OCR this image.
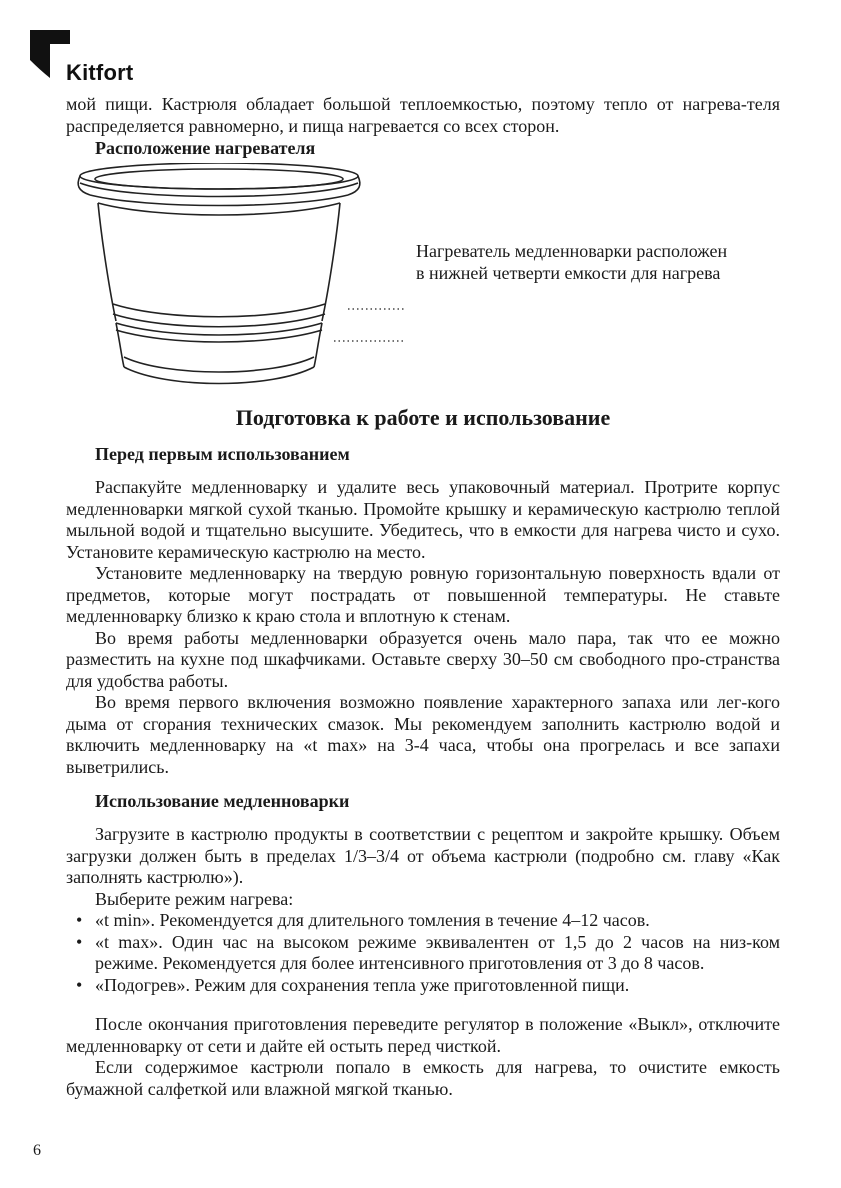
Kitfort

мой пищи. Кастрюля обладает большой теплоемкостью, поэтому тепло от нагрева-теля распределяется равномерно, и пища нагревается со всех сторон.

Расположение нагревателя
Нагреватель медленноварки расположен
в нижней четверти емкости для нагрева
Подготовка к работе и использование
Перед первым использованием

Распакуйте медленноварку и удалите весь упаковочный материал. Протрите корпус медленноварки мягкой сухой тканью. Промойте крышку и керамическую кастрюлю теплой мыльной водой и тщательно высушите. Убедитесь, что в емкости для нагрева чисто и сухо. Установите керамическую кастрюлю на место.

Установите медленноварку на твердую ровную горизонтальную поверхность вдали от предметов, которые могут пострадать от повышенной температуры. Не ставьте медленноварку близко к краю стола и вплотную к стенам.

Во время работы медленноварки образуется очень мало пара, так что ее можно разместить на кухне под шкафчиками. Оставьте сверху 30–50 см свободного про-странства для удобства работы.

Во время первого включения возможно появление характерного запаха или лег-кого дыма от сгорания технических смазок. Мы рекомендуем заполнить кастрюлю водой и включить медленноварку на «t max» на 3-4 часа, чтобы она прогрелась и все запахи выветрились.

Использование медленноварки

Загрузите в кастрюлю продукты в соответствии с рецептом и закройте крышку. Объем загрузки должен быть в пределах 1/3–3/4 от объема кастрюли (подробно см. главу «Как заполнять кастрюлю»).

Выберите режим нагрева:

• «t min». Рекомендуется для длительного томления в течение 4–12 часов.
• «t max». Один час на высоком режиме эквивалентен от 1,5 до 2 часов на низ-ком режиме. Рекомендуется для более интенсивного приготовления от 3 до 8 часов.
• «Подогрев». Режим для сохранения тепла уже приготовленной пищи.

После окончания приготовления переведите регулятор в положение «Выкл», отключите медленноварку от сети и дайте ей остыть перед чисткой.

Если содержимое кастрюли попало в емкость для нагрева, то очистите емкость бумажной салфеткой или влажной мягкой тканью.

6
